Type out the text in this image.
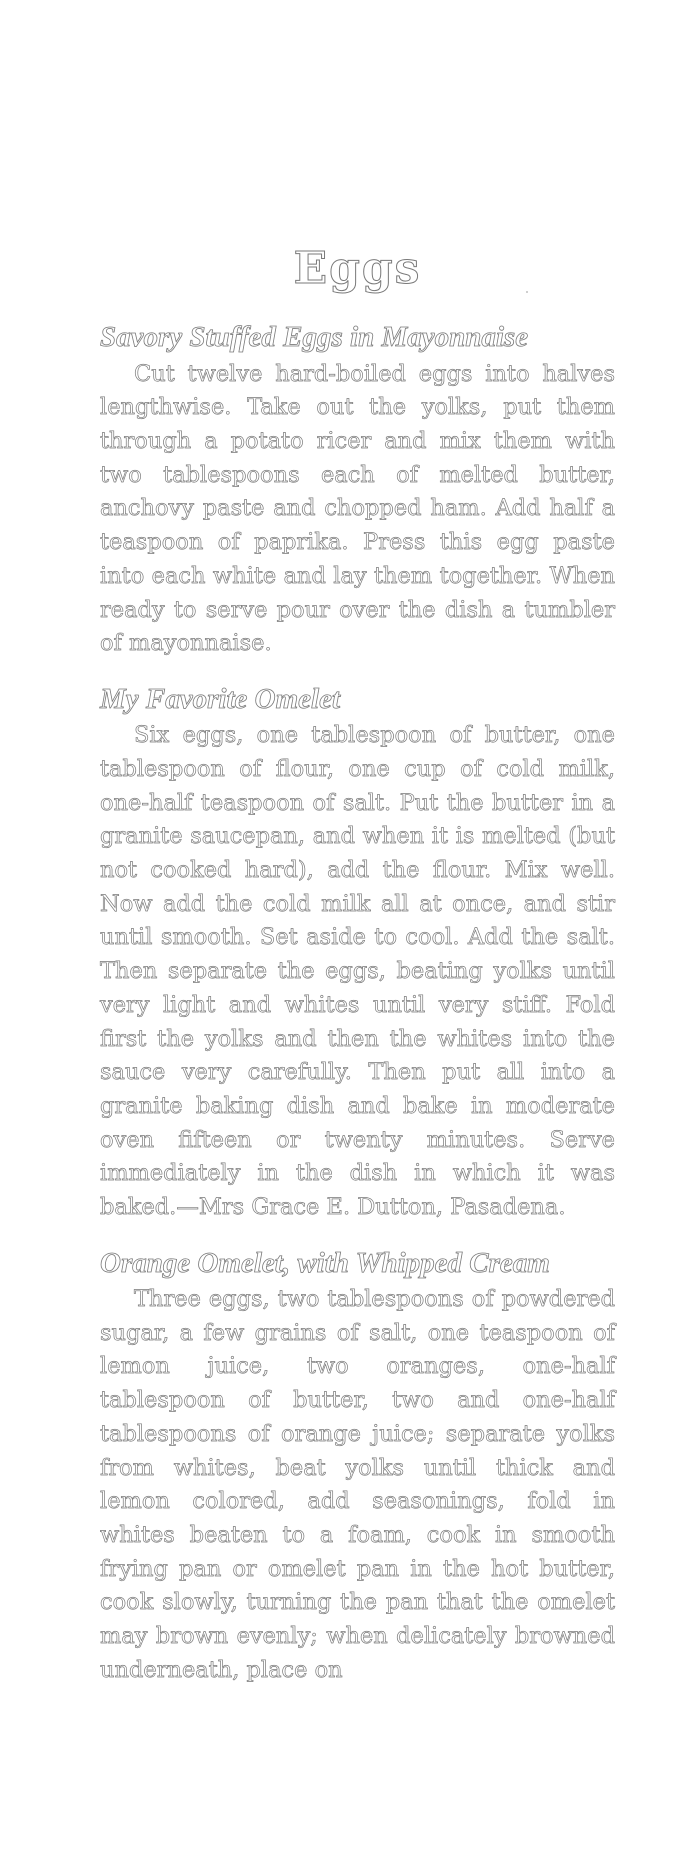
Eggs
Savory Stuffed Eggs in Mayonnaise

Cut twelve hard-boiled eggs into halves lengthwise. Take out the yolks, put them through a potato ricer and mix them with two tablespoons each of melted butter, anchovy paste and chopped ham. Add half a teaspoon of paprika. Press this egg paste into each white and lay them together. When ready to serve pour over the dish a tumbler of mayonnaise.

My Favorite Omelet

Six eggs, one tablespoon of butter, one tablespoon of flour, one cup of cold milk, one-half teaspoon of salt. Put the butter in a granite saucepan, and when it is melted (but not cooked hard), add the flour. Mix well. Now add the cold milk all at once, and stir until smooth. Set aside to cool. Add the salt. Then separate the eggs, beating yolks until very light and whites until very stiff. Fold first the yolks and then the whites into the sauce very carefully. Then put all into a granite baking dish and bake in moderate oven fifteen or twenty minutes. Serve immediately in the dish in which it was baked.—Mrs Grace E. Dutton, Pasadena.

Orange Omelet, with Whipped Cream

Three eggs, two tablespoons of powdered sugar, a few grains of salt, one teaspoon of lemon juice, two oranges, one-half tablespoon of butter, two and one-half tablespoons of orange juice; separate yolks from whites, beat yolks until thick and lemon colored, add seasonings, fold in whites beaten to a foam, cook in smooth frying pan or omelet pan in the hot butter, cook slowly, turning the pan that the omelet may brown evenly; when delicately browned underneath, place on
